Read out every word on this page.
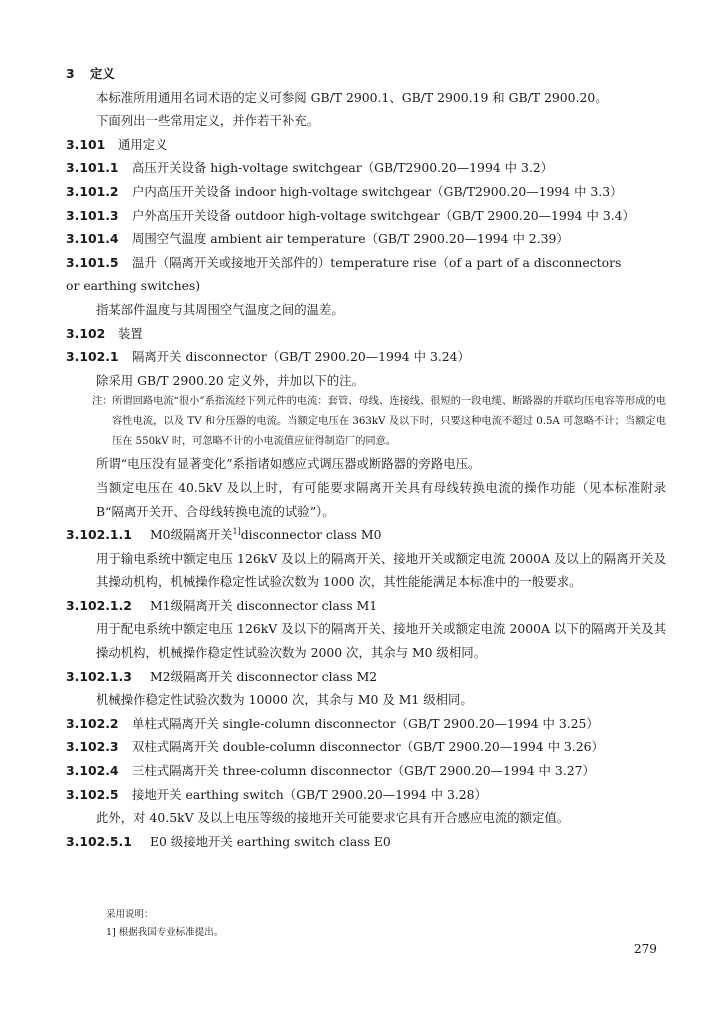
3 定义
本标准所用通用名词术语的定义可参阅 GB/T 2900.1、GB/T 2900.19 和 GB/T 2900.20。
下面列出一些常用定义，并作若干补充。
3.101 通用定义
3.101.1 高压开关设备 high-voltage switchgear（GB/T2900.20—1994 中 3.2）
3.101.2 户内高压开关设备 indoor high-voltage switchgear（GB/T2900.20—1994 中 3.3）
3.101.3 户外高压开关设备 outdoor high-voltage switchgear（GB/T 2900.20—1994 中 3.4）
3.101.4 周围空气温度 ambient air temperature（GB/T 2900.20—1994 中 2.39）
3.101.5 温升（隔离开关或接地开关部件的）temperature rise（of a part of a disconnectors
or earthing switches)
指某部件温度与其周围空气温度之间的温差。
3.102 装置
3.102.1 隔离开关 disconnector（GB/T 2900.20—1994 中 3.24）
除采用 GB/T 2900.20 定义外，并加以下的注。
注：所谓回路电流“很小”系指流经下列元件的电流：套管、母线、连接线、很短的一段电缆、断路器的并联均压电容等形成的电容性电流，以及 TV 和分压器的电流。当额定电压在 363kV 及以下时，只要这种电流不超过 0.5A 可忽略不计；当额定电压在 550kV 时，可忽略不计的小电流值应征得制造厂的同意。
所谓“电压没有显著变化”系指诸如感应式调压器或断路器的旁路电压。
当额定电压在 40.5kV 及以上时，有可能要求隔离开关具有母线转换电流的操作功能（见本标准附录 B“隔离开关开、合母线转换电流的试验”）。
3.102.1.1 M0级隔离开关$^{1]}$disconnector class M0
用于输电系统中额定电压 126kV 及以上的隔离开关、接地开关或额定电流 2000A 及以上的隔离开关及其操动机构，机械操作稳定性试验次数为 1000 次，其性能能满足本标准中的一般要求。
3.102.1.2 M1级隔离开关 disconnector class M1
用于配电系统中额定电压 126kV 及以下的隔离开关、接地开关或额定电流 2000A 以下的隔离开关及其操动机构，机械操作稳定性试验次数为 2000 次，其余与 M0 级相同。
3.102.1.3 M2级隔离开关 disconnector class M2
机械操作稳定性试验次数为 10000 次，其余与 M0 及 M1 级相同。
3.102.2 单柱式隔离开关 single-column disconnector（GB/T 2900.20—1994 中 3.25）
3.102.3 双柱式隔离开关 double-column disconnector（GB/T 2900.20—1994 中 3.26）
3.102.4 三柱式隔离开关 three-column disconnector（GB/T 2900.20—1994 中 3.27）
3.102.5 接地开关 earthing switch（GB/T 2900.20—1994 中 3.28）
此外，对 40.5kV 及以上电压等级的接地开关可能要求它具有开合感应电流的额定值。
3.102.5.1 E0 级接地开关 earthing switch class E0
采用说明：
1] 根据我国专业标准提出。
279
